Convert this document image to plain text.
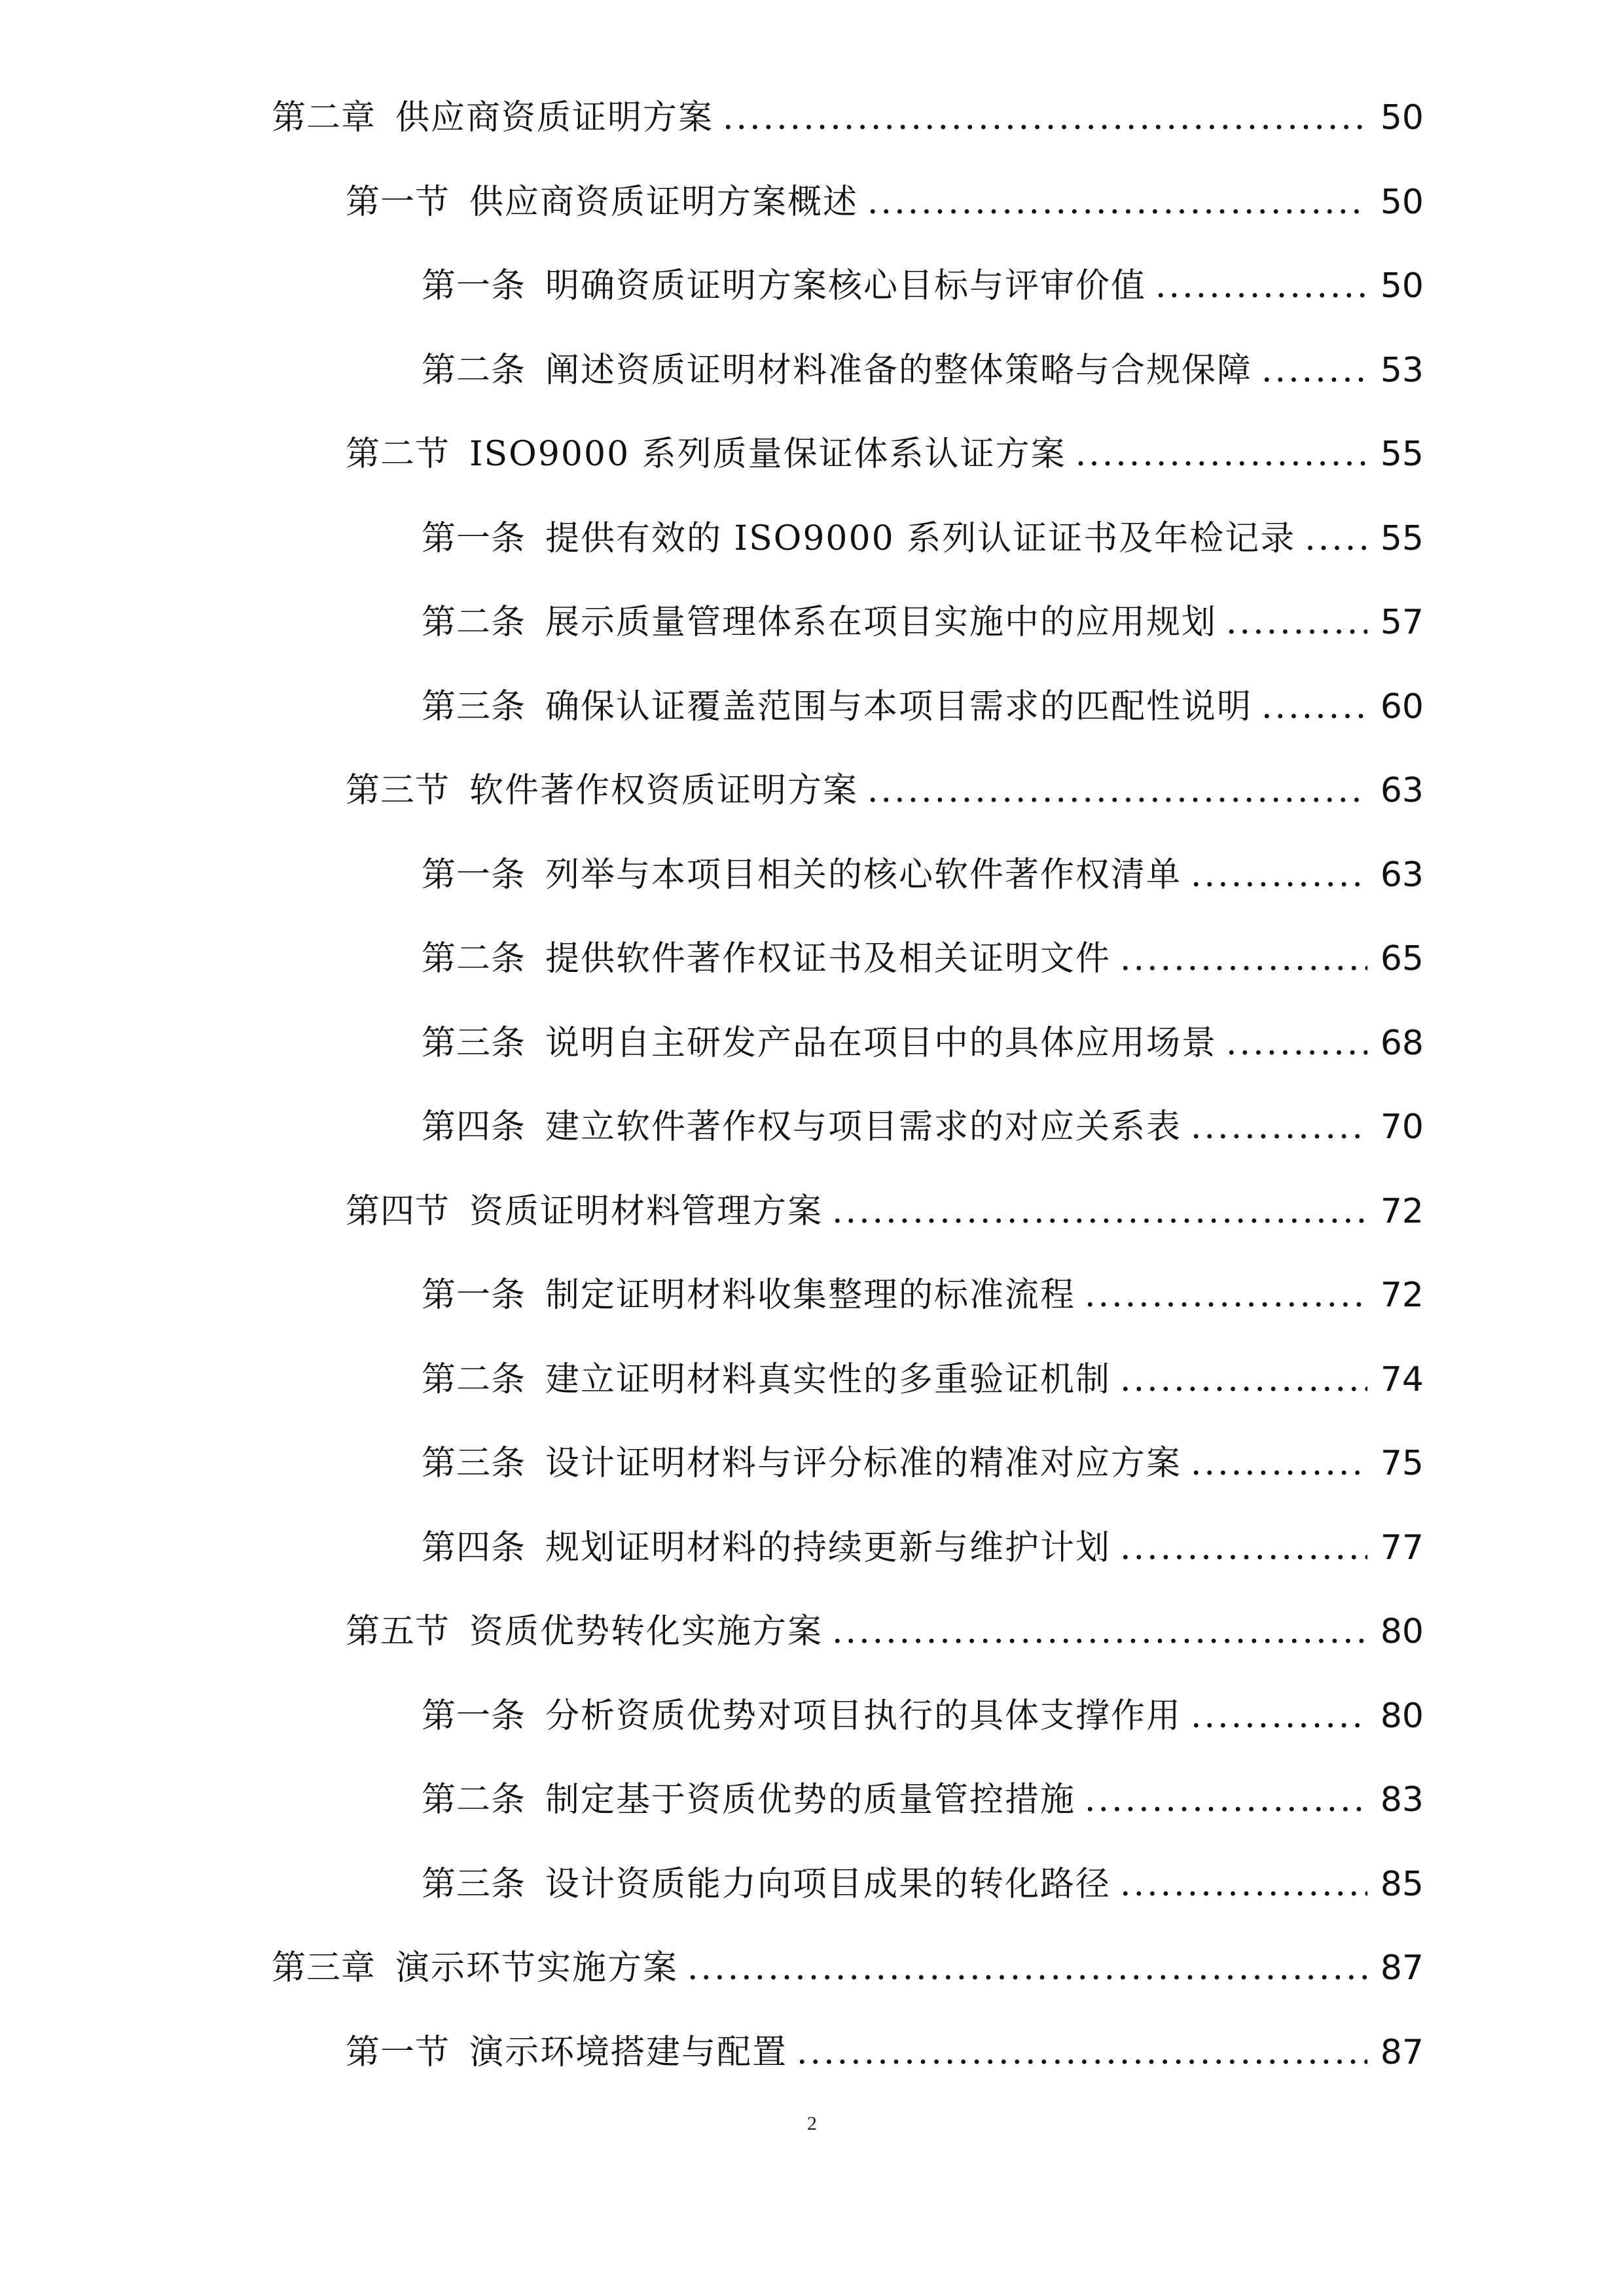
第二章 供应商资质证明方案 .....	50
第一节 供应商资质证明方案概述 .....	50
第一条 明确资质证明方案核心目标与评审价值 .....	50
第二条 阐述资质证明材料准备的整体策略与合规保障 .....	53
第二节 ISO9000 系列质量保证体系认证方案 .....	55
第一条 提供有效的 ISO9000 系列认证证书及年检记录 ..... 55
第二条 展示质量管理体系在项目实施中的应用规划 .....	57
第三条 确保认证覆盖范围与本项目需求的匹配性说明 .....	60
第三节 软件著作权资质证明方案 .....	63
第一条 列举与本项目相关的核心软件著作权清单 .....	63
第二条 提供软件著作权证书及相关证明文件 .....	65
第三条 说明自主研发产品在项目中的具体应用场景 .....	68
第四条 建立软件著作权与项目需求的对应关系表 .....	70
第四节 资质证明材料管理方案 .....	72
第一条 制定证明材料收集整理的标准流程 .....	72
第二条 建立证明材料真实性的多重验证机制 .....	74
第三条 设计证明材料与评分标准的精准对应方案 .....	75
第四条 规划证明材料的持续更新与维护计划 .....	77
第五节 资质优势转化实施方案 .....	80
第一条 分析资质优势对项目执行的具体支撑作用 .....	80
第二条 制定基于资质优势的质量管控措施 .....	83
第三条 设计资质能力向项目成果的转化路径 .....	85
第三章 演示环节实施方案 .....	87
第一节 演示环境搭建与配置 .....	87
2
